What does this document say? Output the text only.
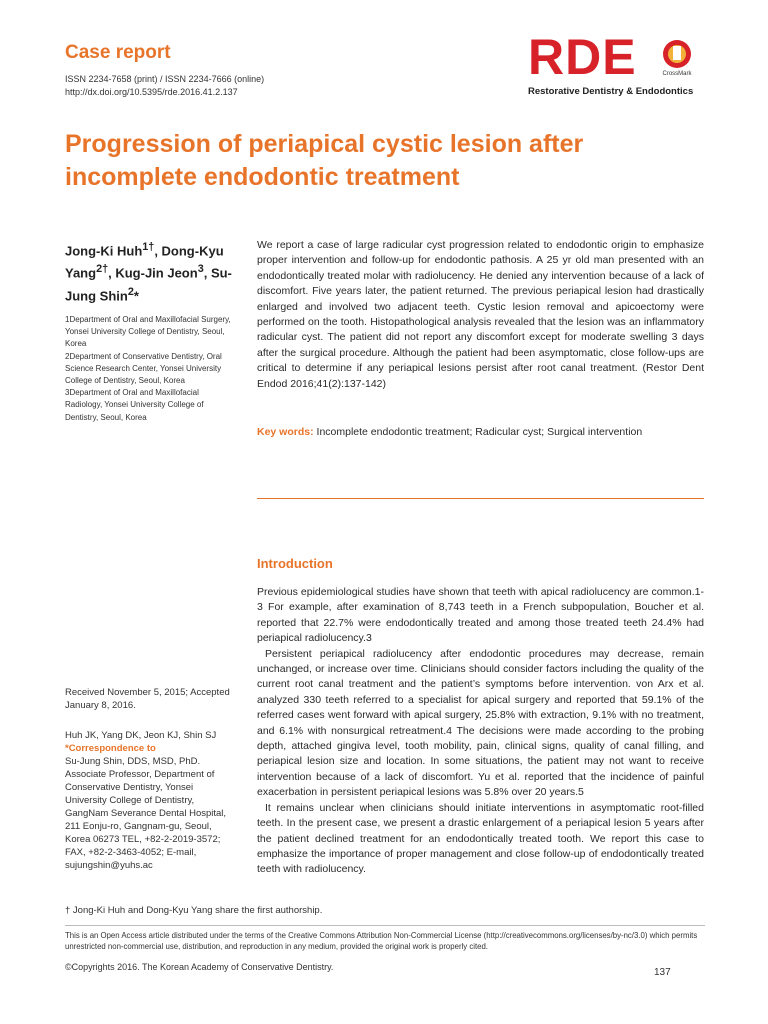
Case report
ISSN 2234-7658 (print) / ISSN 2234-7666 (online)
http://dx.doi.org/10.5395/rde.2016.41.2.137
RDE	CrossMark
Restorative Dentistry & Endodontics
Progression of periapical cystic lesion after incomplete endodontic treatment
Jong-Ki Huh$^{1\dagger}$, Dong-Kyu Yang$^{2\dagger}$, Kug-Jin Jeon$^3$, Su-Jung Shin$^2$*
1Department of Oral and Maxillofacial Surgery, Yonsei University College of Dentistry, Seoul, Korea
2Department of Conservative Dentistry, Oral Science Research Center, Yonsei University College of Dentistry, Seoul, Korea
3Department of Oral and Maxillofacial Radiology, Yonsei University College of Dentistry, Seoul, Korea
We report a case of large radicular cyst progression related to endodontic origin to emphasize proper intervention and follow-up for endodontic pathosis. A 25 yr old man presented with an endodontically treated molar with radiolucency. He denied any intervention because of a lack of discomfort. Five years later, the patient returned. The previous periapical lesion had drastically enlarged and involved two adjacent teeth. Cystic lesion removal and apicoectomy were performed on the tooth. Histopathological analysis revealed that the lesion was an inflammatory radicular cyst. The patient did not report any discomfort except for moderate swelling 3 days after the surgical procedure. Although the patient had been asymptomatic, close follow-ups are critical to determine if any periapical lesions persist after root canal treatment. (Restor Dent Endod 2016;41(2):137-142)
Key words: Incomplete endodontic treatment; Radicular cyst; Surgical intervention
Introduction

Previous epidemiological studies have shown that teeth with apical radiolucency are common.1-3 For example, after examination of 8,743 teeth in a French subpopulation, Boucher et al. reported that 22.7% were endodontically treated and among those treated teeth 24.4% had periapical radiolucency.3

Persistent periapical radiolucency after endodontic procedures may decrease, remain unchanged, or increase over time. Clinicians should consider factors including the quality of the current root canal treatment and the patient’s symptoms before intervention. von Arx et al. analyzed 330 teeth referred to a specialist for apical surgery and reported that 59.1% of the referred cases went forward with apical surgery, 25.8% with extraction, 9.1% with no treatment, and 6.1% with nonsurgical retreatment.4 The decisions were made according to the probing depth, attached gingiva level, tooth mobility, pain, clinical signs, quality of canal filling, and periapical lesion size and location. In some situations, the patient may not want to receive intervention because of a lack of discomfort. Yu et al. reported that the incidence of painful exacerbation in persistent periapical lesions was 5.8% over 20 years.5

It remains unclear when clinicians should initiate interventions in asymptomatic root-filled teeth. In the present case, we present a drastic enlargement of a periapical lesion 5 years after the patient declined treatment for an endodontically treated tooth. We report this case to emphasize the importance of proper management and close follow-up of endodontically treated teeth with radiolucency.

Received November 5, 2015; Accepted January 8, 2016.
Huh JK, Yang DK, Jeon KJ, Shin SJ
*Correspondence to
Su-Jung Shin, DDS, MSD, PhD. Associate Professor, Department of Conservative Dentistry, Yonsei University College of Dentistry, GangNam Severance Dental Hospital, 211 Eonju-ro, Gangnam-gu, Seoul, Korea 06273 TEL, +82-2-2019-3572; FAX, +82-2-3463-4052; E-mail, sujungshin@yuhs.ac
† Jong-Ki Huh and Dong-Kyu Yang share the first authorship.
This is an Open Access article distributed under the terms of the Creative Commons Attribution Non-Commercial License (http://creativecommons.org/licenses/by-nc/3.0) which permits unrestricted non-commercial use, distribution, and reproduction in any medium, provided the original work is properly cited.
©Copyrights 2016. The Korean Academy of Conservative Dentistry.	137
